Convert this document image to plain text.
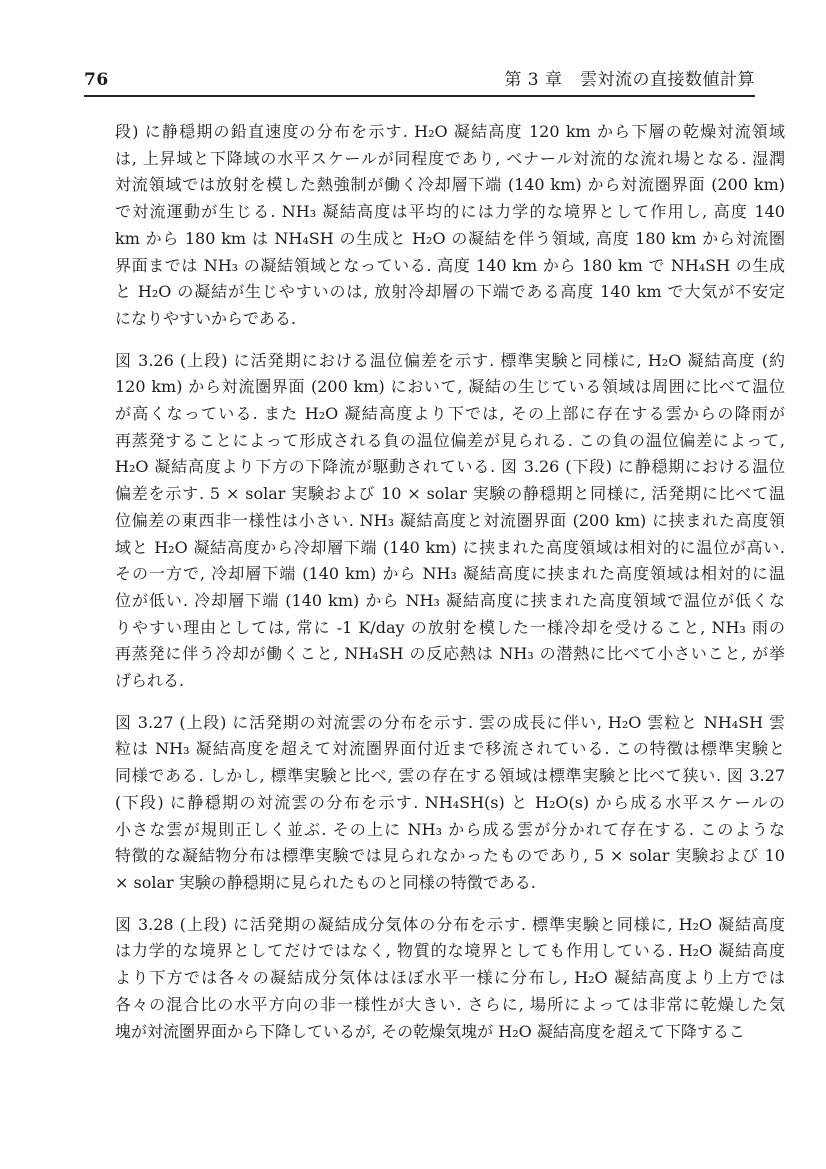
76	第 3 章　雲対流の直接数値計算
段) に静穏期の鉛直速度の分布を示す. H₂O 凝結高度 120 km から下層の乾燥対流領域
は, 上昇域と下降域の水平スケールが同程度であり, ベナール対流的な流れ場となる. 湿潤
対流領域では放射を模した熱強制が働く冷却層下端 (140 km) から対流圏界面 (200 km)
で対流運動が生じる. NH₃ 凝結高度は平均的には力学的な境界として作用し, 高度 140
km から 180 km は NH₄SH の生成と H₂O の凝結を伴う領域, 高度 180 km から対流圏
界面までは NH₃ の凝結領域となっている. 高度 140 km から 180 km で NH₄SH の生成
と H₂O の凝結が生じやすいのは, 放射冷却層の下端である高度 140 km で大気が不安定
になりやすいからである.
図 3.26 (上段) に活発期における温位偏差を示す. 標準実験と同様に, H₂O 凝結高度 (約
120 km) から対流圏界面 (200 km) において, 凝結の生じている領域は周囲に比べて温位
が高くなっている. また H₂O 凝結高度より下では, その上部に存在する雲からの降雨が
再蒸発することによって形成される負の温位偏差が見られる. この負の温位偏差によって,
H₂O 凝結高度より下方の下降流が駆動されている. 図 3.26 (下段) に静穏期における温位
偏差を示す. 5 × solar 実験および 10 × solar 実験の静穏期と同様に, 活発期に比べて温
位偏差の東西非一様性は小さい. NH₃ 凝結高度と対流圏界面 (200 km) に挟まれた高度領
域と H₂O 凝結高度から冷却層下端 (140 km) に挟まれた高度領域は相対的に温位が高い.
その一方で, 冷却層下端 (140 km) から NH₃ 凝結高度に挟まれた高度領域は相対的に温
位が低い. 冷却層下端 (140 km) から NH₃ 凝結高度に挟まれた高度領域で温位が低くな
りやすい理由としては, 常に -1 K/day の放射を模した一様冷却を受けること, NH₃ 雨の
再蒸発に伴う冷却が働くこと, NH₄SH の反応熱は NH₃ の潜熱に比べて小さいこと, が挙
げられる.
図 3.27 (上段) に活発期の対流雲の分布を示す. 雲の成長に伴い, H₂O 雲粒と NH₄SH 雲
粒は NH₃ 凝結高度を超えて対流圏界面付近まで移流されている. この特徴は標準実験と
同様である. しかし, 標準実験と比べ, 雲の存在する領域は標準実験と比べて狭い. 図 3.27
(下段) に静穏期の対流雲の分布を示す. NH₄SH(s) と H₂O(s) から成る水平スケールの
小さな雲が規則正しく並ぶ. その上に NH₃ から成る雲が分かれて存在する. このような
特徴的な凝結物分布は標準実験では見られなかったものであり, 5 × solar 実験および 10
× solar 実験の静穏期に見られたものと同様の特徴である.
図 3.28 (上段) に活発期の凝結成分気体の分布を示す. 標準実験と同様に, H₂O 凝結高度
は力学的な境界としてだけではなく, 物質的な境界としても作用している. H₂O 凝結高度
より下方では各々の凝結成分気体はほぼ水平一様に分布し, H₂O 凝結高度より上方では
各々の混合比の水平方向の非一様性が大きい. さらに, 場所によっては非常に乾燥した気
塊が対流圏界面から下降しているが, その乾燥気塊が H₂O 凝結高度を超えて下降するこ
